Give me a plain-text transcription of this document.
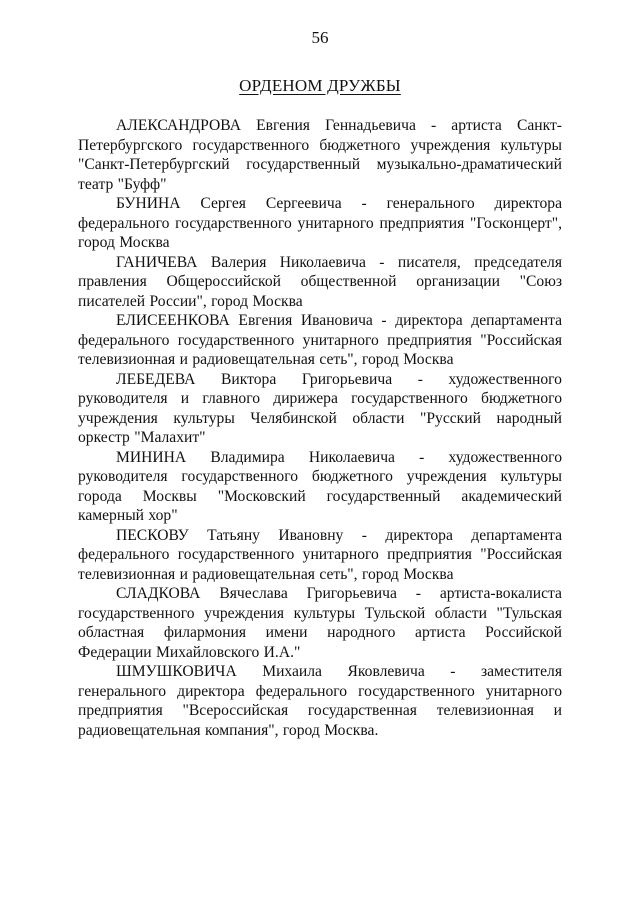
56
ОРДЕНОМ ДРУЖБЫ

АЛЕКСАНДРОВА Евгения Геннадьевича - артиста Санкт-Петербургского государственного бюджетного учреждения культуры "Санкт-Петербургский государственный музыкально-драматический театр "Буфф"

БУНИНА Сергея Сергеевича - генерального директора федерального государственного унитарного предприятия "Госконцерт", город Москва

ГАНИЧЕВА Валерия Николаевича - писателя, председателя правления Общероссийской общественной организации "Союз писателей России", город Москва

ЕЛИСЕЕНКОВА Евгения Ивановича - директора департамента федерального государственного унитарного предприятия "Российская телевизионная и радиовещательная сеть", город Москва

ЛЕБЕДЕВА Виктора Григорьевича - художественного руководителя и главного дирижера государственного бюджетного учреждения культуры Челябинской области "Русский народный оркестр "Малахит"

МИНИНА Владимира Николаевича - художественного руководителя государственного бюджетного учреждения культуры города Москвы "Московский государственный академический камерный хор"

ПЕСКОВУ Татьяну Ивановну - директора департамента федерального государственного унитарного предприятия "Российская телевизионная и радиовещательная сеть", город Москва

СЛАДКОВА Вячеслава Григорьевича - артиста-вокалиста государственного учреждения культуры Тульской области "Тульская областная филармония имени народного артиста Российской Федерации Михайловского И.А."

ШМУШКОВИЧА Михаила Яковлевича - заместителя генерального директора федерального государственного унитарного предприятия "Всероссийская государственная телевизионная и радиовещательная компания", город Москва.
